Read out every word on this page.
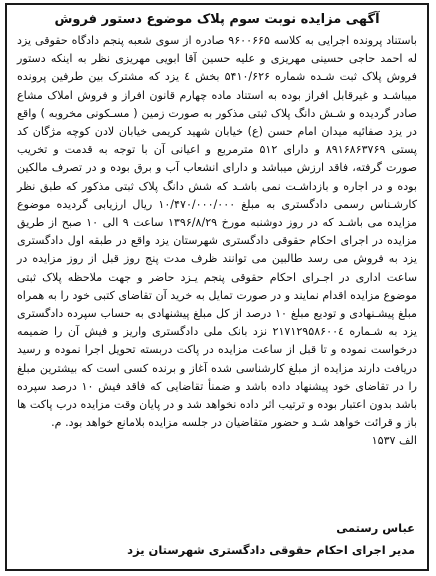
آگهی مزایده نوبت سوم پلاک موضوع دستور فروش

باستناد پرونده اجرایی به کلاسه ۹۶۰۰۶۶۵ صادره از سوی شعبه پنجم دادگاه حقوقی یزد له احمد حاجی حسینی مهریزی و علیه حسین آقا ابویی مهریزی نظر به اینکه دستور فروش پلاک ثبت شـده شماره ۵۴۱۰/۶۲۶ بخش ٤ یزد که مشترک بین طرفین پرونده میباشـد و غیرقابل افراز بوده به استناد ماده چهارم قانون افراز و فروش املاک مشاع صادر گردیده و شـش دانگ پلاک ثبتی مذکور به صورت زمین ( مسـکونی مخروبه ) واقع در یزد صفائیه میدان امام حسن (ع) خیابان شهید کریمی خیابان لادن کوچه مژگان کد پستی ۸۹۱۶۸۶۳۷۶۹ و دارای ۵۱۲ مترمربع و اعیانی آن با توجه به قدمت و تخریب صورت گرفته، فاقد ارزش میباشد و دارای انشعاب آب و برق بوده و در تصرف مالکین بوده و در اجاره و بازداشـت نمی باشـد که شش دانگ پلاک ثبتی مذکور که طبق نظر کارشـناس رسمی دادگستری به مبلغ ۱۰/۴۷۰/۰۰۰/۰۰۰ ریال ارزیابی گردیده موضوع مزایده می باشـد که در روز دوشنبه مورخ ۱۳۹۶/۸/۲۹ ساعت ۹ الی ۱۰ صبح از طریق مزایده در اجرای احکام حقوقی دادگستری شهرستان یزد واقع در طبقه اول دادگستری یزد به فروش می رسد طالبین می توانند ظرف مدت پنج روز قبل از روز مزایده در ساعت اداری در اجـرای احکام حقوقی پنجم یـزد حاضر و جهت ملاحظه پلاک ثبتی موضوع مزایده اقدام نمایند و در صورت تمایل به خرید آن تقاضای کتبی خود را به همراه مبلغ پیشـنهادی و تودیع مبلغ ۱۰ درصد از کل مبلغ پیشنهادی به حساب سپرده دادگستری یزد به شـماره ۲۱۷۱۲۹۵۸۶۰۰٤ نزد بانک ملی دادگستری واریز و فیش آن را ضمیمه درخواست نموده و تا قبل از ساعت مزایده در پاکت دربسته تحویل اجرا نموده و رسید دریافت دارند مزایده از مبلغ کارشناسی شده آغاز و برنده کسی است که بیشترین مبلغ را در تقاضای خود پیشنهاد داده باشد و ضمنأ تقاضایی که فاقد فیش ۱۰ درصد سپرده باشد بدون اعتبار بوده و ترتیب اثر داده نخواهد شد و در پایان وقت مزایده درب پاکت ها باز و قرائت خواهد شـد و حضور متقاضیان در جلسه مزایده بلامانع خواهد بود. م.

الف ۱۵۳۷

عباس رستمی
مدیر اجرای احکام حقوقی دادگستری شهرستان یزد
